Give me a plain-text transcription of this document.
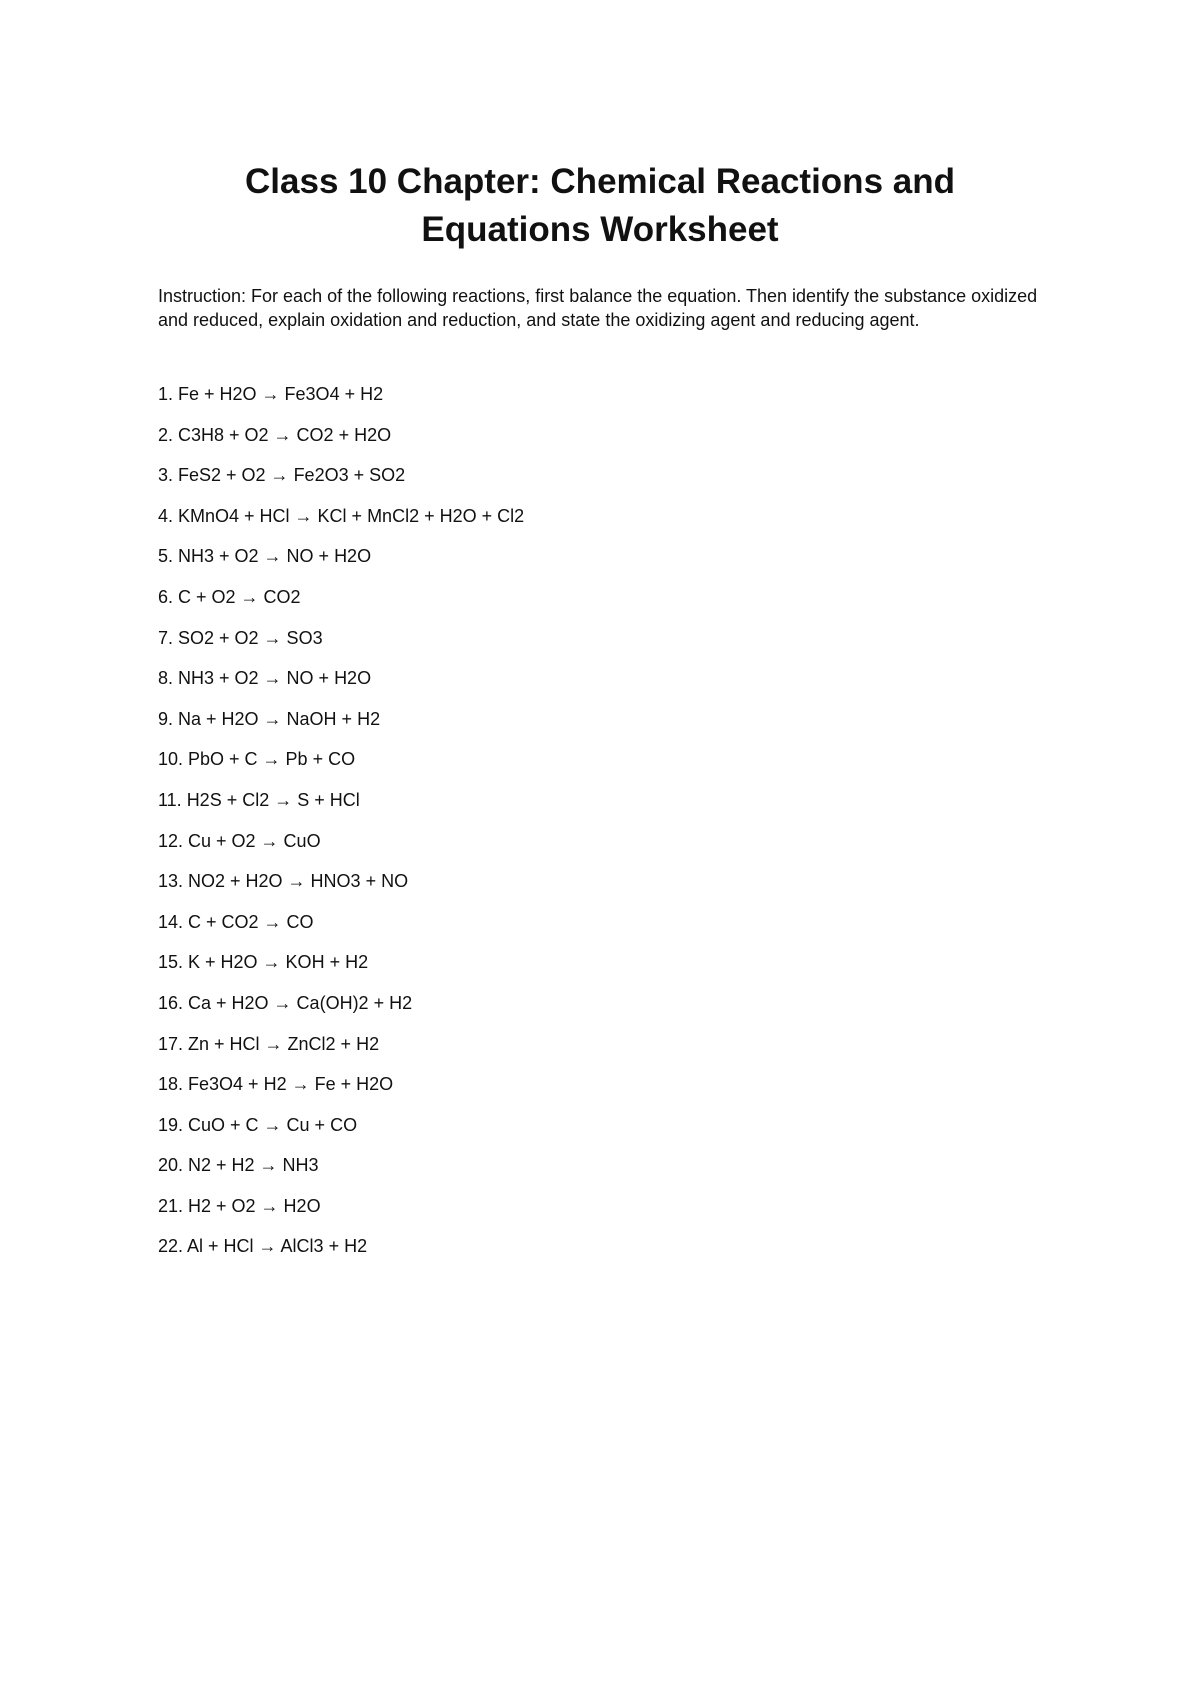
Class 10 Chapter: Chemical Reactions and
Equations Worksheet

Instruction: For each of the following reactions, first balance the equation. Then identify the substance oxidized and reduced, explain oxidation and reduction, and state the oxidizing agent and reducing agent.

1. Fe + H2O → Fe3O4 + H2
2. C3H8 + O2 → CO2 + H2O
3. FeS2 + O2 → Fe2O3 + SO2
4. KMnO4 + HCl → KCl + MnCl2 + H2O + Cl2
5. NH3 + O2 → NO + H2O
6. C + O2 → CO2
7. SO2 + O2 → SO3
8. NH3 + O2 → NO + H2O
9. Na + H2O → NaOH + H2
10. PbO + C → Pb + CO
11. H2S + Cl2 → S + HCl
12. Cu + O2 → CuO
13. NO2 + H2O → HNO3 + NO
14. C + CO2 → CO
15. K + H2O → KOH + H2
16. Ca + H2O → Ca(OH)2 + H2
17. Zn + HCl → ZnCl2 + H2
18. Fe3O4 + H2 → Fe + H2O
19. CuO + C → Cu + CO
20. N2 + H2 → NH3
21. H2 + O2 → H2O
22. Al + HCl → AlCl3 + H2
